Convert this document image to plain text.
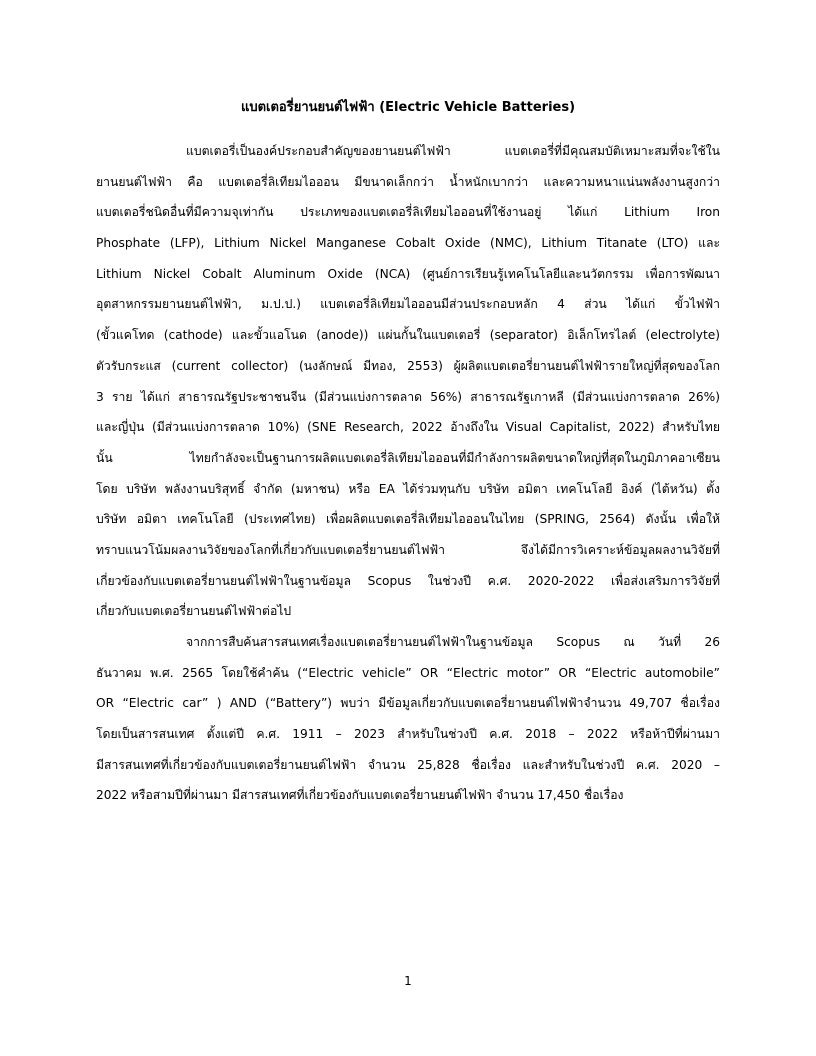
แบตเตอรี่ยานยนต์ไฟฟ้า (Electric Vehicle Batteries)
แบตเตอรี่เป็นองค์ประกอบสำคัญของยานยนต์ไฟฟ้า แบตเตอรี่ที่มีคุณสมบัติเหมาะสมที่จะใช้ใน
ยานยนต์ไฟฟ้า คือ แบตเตอรี่ลิเทียมไอออน มีขนาดเล็กกว่า น้ำหนักเบากว่า และความหนาแน่นพลังงานสูงกว่า
แบตเตอรี่ชนิดอื่นที่มีความจุเท่ากัน ประเภทของแบตเตอรี่ลิเทียมไอออนที่ใช้งานอยู่ ได้แก่ Lithium Iron
Phosphate (LFP), Lithium Nickel Manganese Cobalt Oxide (NMC), Lithium Titanate (LTO) และ
Lithium Nickel Cobalt Aluminum Oxide (NCA) (ศูนย์การเรียนรู้เทคโนโลยีและนวัตกรรม เพื่อการพัฒนา
อุตสาหกรรมยานยนต์ไฟฟ้า, ม.ป.ป.) แบตเตอรี่ลิเทียมไอออนมีส่วนประกอบหลัก 4 ส่วน ได้แก่ ขั้วไฟฟ้า
(ขั้วแคโทด (cathode) และขั้วแอโนด (anode)) แผ่นกั้นในแบตเตอรี่ (separator) อิเล็กโทรไลต์ (electrolyte)
ตัวรับกระแส (current collector) (นงลักษณ์ มีทอง, 2553) ผู้ผลิตแบตเตอรี่ยานยนต์ไฟฟ้ารายใหญ่ที่สุดของโลก
3 ราย ได้แก่ สาธารณรัฐประชาชนจีน (มีส่วนแบ่งการตลาด 56%) สาธารณรัฐเกาหลี (มีส่วนแบ่งการตลาด 26%)
และญี่ปุ่น (มีส่วนแบ่งการตลาด 10%) (SNE Research, 2022 อ้างถึงใน Visual Capitalist, 2022) สำหรับไทย
นั้น ไทยกำลังจะเป็นฐานการผลิตแบตเตอรี่ลิเทียมไอออนที่มีกำลังการผลิตขนาดใหญ่ที่สุดในภูมิภาคอาเซียน
โดย บริษัท พลังงานบริสุทธิ์ จำกัด (มหาชน) หรือ EA ได้ร่วมทุนกับ บริษัท อมิตา เทคโนโลยี อิงค์ (ไต้หวัน) ตั้ง
บริษัท อมิตา เทคโนโลยี (ประเทศไทย) เพื่อผลิตแบตเตอรี่ลิเทียมไอออนในไทย (SPRING, 2564) ดังนั้น เพื่อให้
ทราบแนวโน้มผลงานวิจัยของโลกที่เกี่ยวกับแบตเตอรี่ยานยนต์ไฟฟ้า จึงได้มีการวิเคราะห์ข้อมูลผลงานวิจัยที่
เกี่ยวข้องกับแบตเตอรี่ยานยนต์ไฟฟ้าในฐานข้อมูล Scopus ในช่วงปี ค.ศ. 2020-2022 เพื่อส่งเสริมการวิจัยที่
เกี่ยวกับแบตเตอรี่ยานยนต์ไฟฟ้าต่อไป
จากการสืบค้นสารสนเทศเรื่องแบตเตอรี่ยานยนต์ไฟฟ้าในฐานข้อมูล Scopus ณ วันที่ 26
ธันวาคม พ.ศ. 2565 โดยใช้คำค้น (“Electric vehicle” OR “Electric motor” OR “Electric automobile”
OR “Electric car” ) AND (“Battery”) พบว่า มีข้อมูลเกี่ยวกับแบตเตอรี่ยานยนต์ไฟฟ้าจำนวน 49,707 ชื่อเรื่อง
โดยเป็นสารสนเทศ ตั้งแต่ปี ค.ศ. 1911 – 2023 สำหรับในช่วงปี ค.ศ. 2018 – 2022 หรือห้าปีที่ผ่านมา
มีสารสนเทศที่เกี่ยวข้องกับแบตเตอรี่ยานยนต์ไฟฟ้า จำนวน 25,828 ชื่อเรื่อง และสำหรับในช่วงปี ค.ศ. 2020 –
2022 หรือสามปีที่ผ่านมา มีสารสนเทศที่เกี่ยวข้องกับแบตเตอรี่ยานยนต์ไฟฟ้า จำนวน 17,450 ชื่อเรื่อง
1
